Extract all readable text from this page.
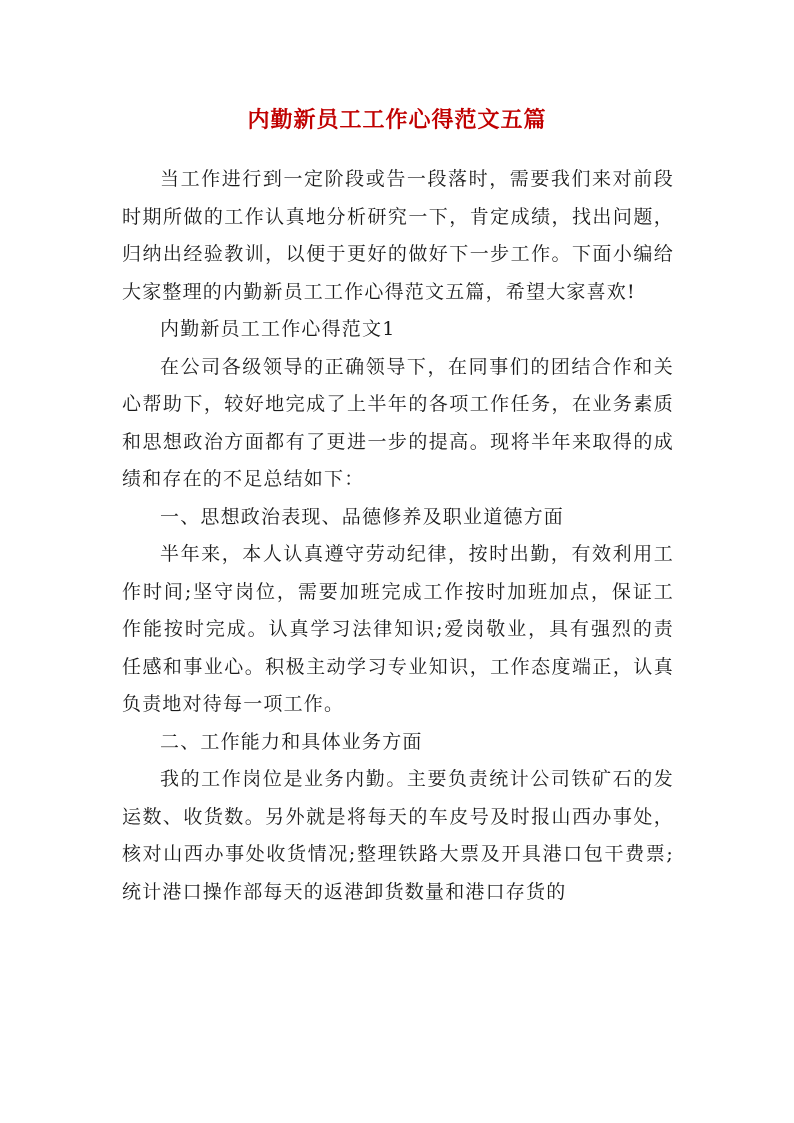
内勤新员工工作心得范文五篇

当工作进行到一定阶段或告一段落时，需要我们来对前段时期所做的工作认真地分析研究一下，肯定成绩，找出问题，归纳出经验教训，以便于更好的做好下一步工作。下面小编给大家整理的内勤新员工工作心得范文五篇，希望大家喜欢!

内勤新员工工作心得范文1

在公司各级领导的正确领导下，在同事们的团结合作和关心帮助下，较好地完成了上半年的各项工作任务，在业务素质和思想政治方面都有了更进一步的提高。现将半年来取得的成绩和存在的不足总结如下：

一、思想政治表现、品德修养及职业道德方面

半年来，本人认真遵守劳动纪律，按时出勤，有效利用工作时间;坚守岗位，需要加班完成工作按时加班加点，保证工作能按时完成。认真学习法律知识;爱岗敬业，具有强烈的责任感和事业心。积极主动学习专业知识，工作态度端正，认真负责地对待每一项工作。

二、工作能力和具体业务方面

我的工作岗位是业务内勤。主要负责统计公司铁矿石的发运数、收货数。另外就是将每天的车皮号及时报山西办事处，核对山西办事处收货情况;整理铁路大票及开具港口包干费票;统计港口操作部每天的返港卸货数量和港口存货的
